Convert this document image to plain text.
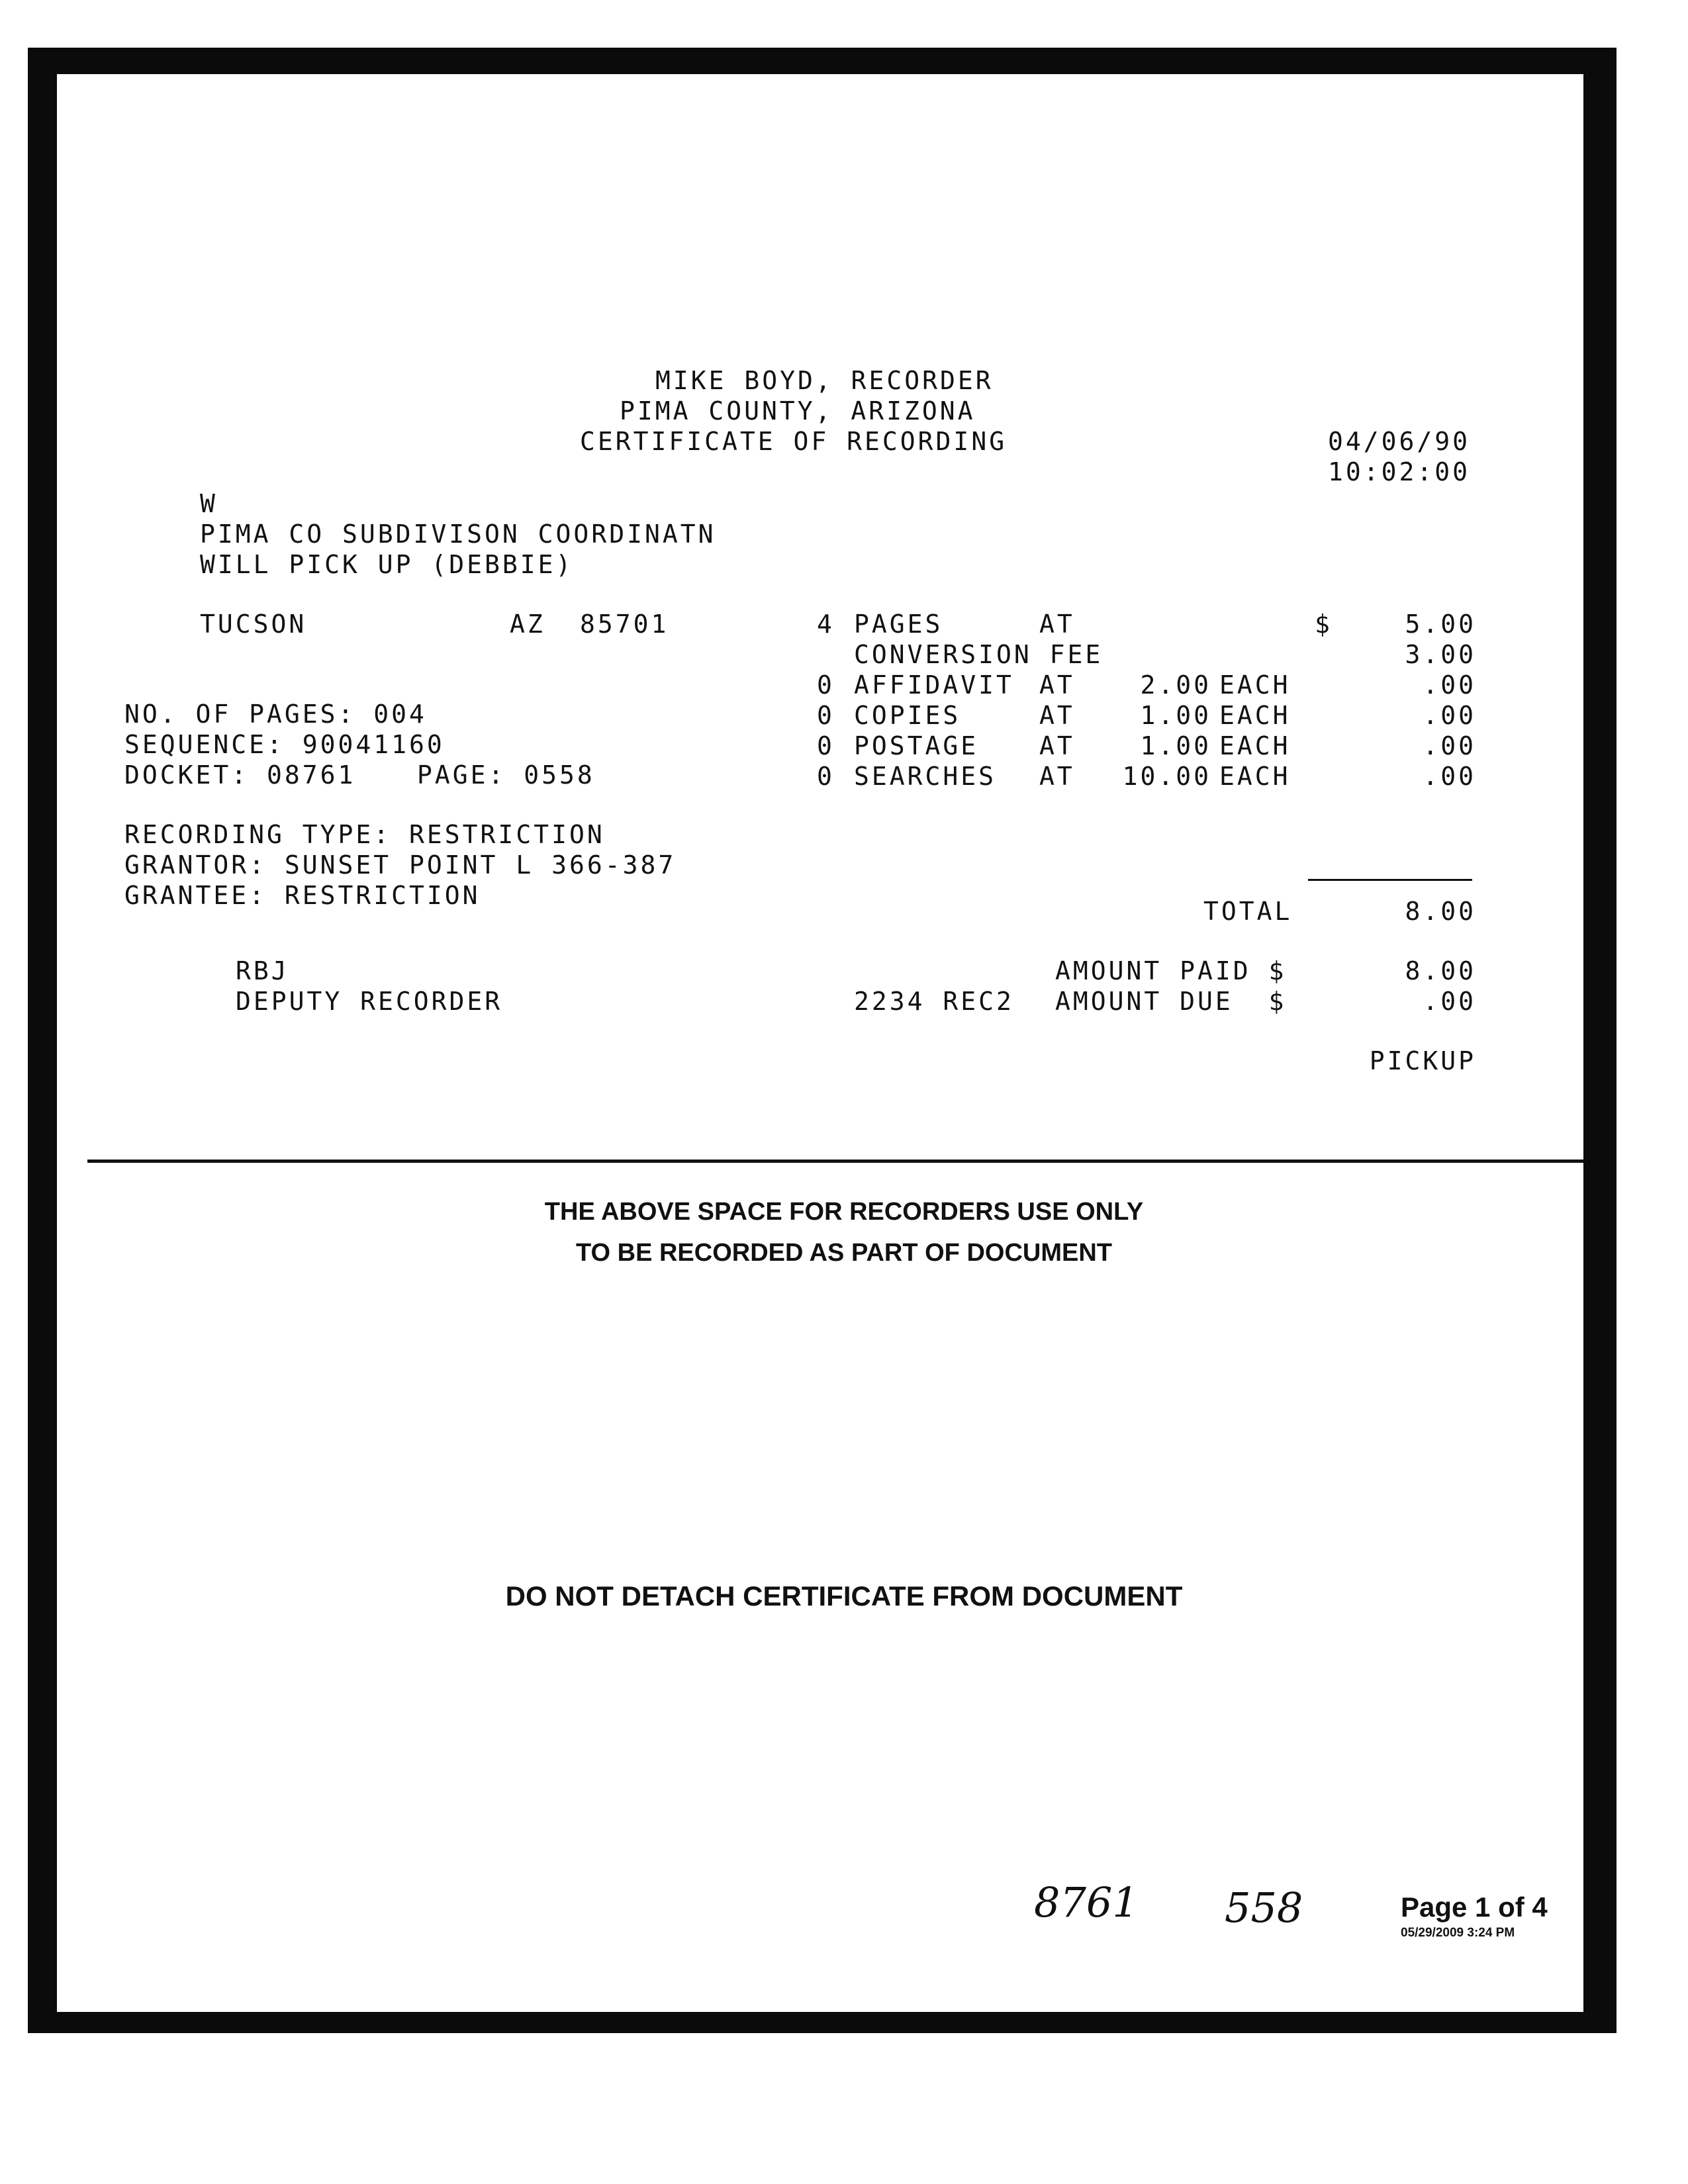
MIKE BOYD, RECORDER
PIMA COUNTY, ARIZONA
CERTIFICATE OF RECORDING	04/06/90
10:02:00
W
PIMA CO SUBDIVISON COORDINATN
WILL PICK UP (DEBBIE)
TUCSON	AZ 85701
NO. OF PAGES: 004
SEQUENCE: 90041160
DOCKET: 08761 PAGE: 0558
RECORDING TYPE: RESTRICTION
GRANTOR: SUNSET POINT L 366-387
GRANTEE: RESTRICTION
4 PAGES	AT	$	5.00
CONVERSION FEE	3.00
0 AFFIDAVIT AT	2.00 EACH	.00
0 COPIES	AT	1.00 EACH	.00
0 POSTAGE AT	1.00 EACH	.00
0 SEARCHES AT	10.00 EACH	.00
TOTAL	8.00
AMOUNT PAID $	8.00
2234 REC2 AMOUNT DUE  $	.00
PICKUP
RBJ
DEPUTY RECORDER
THE ABOVE SPACE FOR RECORDERS USE ONLY
TO BE RECORDED AS PART OF DOCUMENT
DO NOT DETACH CERTIFICATE FROM DOCUMENT
8761 558	Page 1 of 4
05/29/2009 3:24 PM
